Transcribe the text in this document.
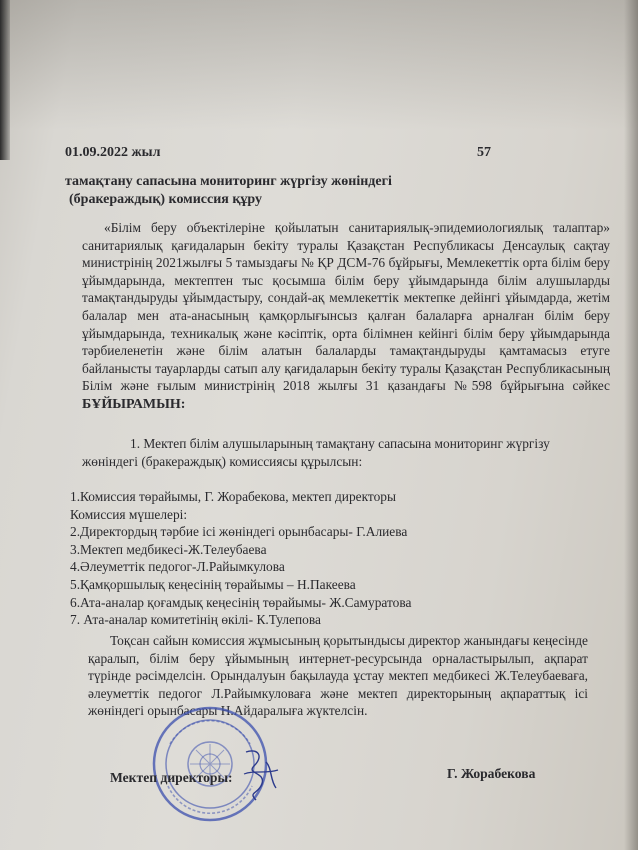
01.09.2022 жыл	57
тамақтану сапасына мониторинг жүргізу жөніндегі
(бракераждық) комиссия құру
«Білім беру объектілеріне қойылатын санитариялық-эпидемиологиялық талаптар» санитариялық қағидаларын бекіту туралы Қазақстан Республикасы Денсаулық сақтау министрінің 2021жылғы 5 тамыздағы № ҚР ДСМ-76 бұйрығы, Мемлекеттік орта білім беру ұйымдарында, мектептен тыс қосымша білім беру ұйымдарында білім алушыларды тамақтандыруды ұйымдастыру, сондай-ақ мемлекеттік мектепке дейінгі ұйымдарда, жетім балалар мен ата-анасының қамқорлығынсыз қалған балаларға арналған білім беру ұйымдарында, техникалық және кәсіптік, орта білімнен кейінгі білім беру ұйымдарында тәрбиеленетін және білім алатын балаларды тамақтандыруды қамтамасыз етуге байланысты тауарларды сатып алу қағидаларын бекіту туралы Қазақстан Республикасының Білім және ғылым министрінің 2018 жылғы 31 қазандағы №598 бұйрығына сәйкес БҰЙЫРАМЫН:
1. Мектеп білім алушыларының тамақтану сапасына мониторинг жүргізу жөніндегі (бракераждық) комиссиясы құрылсын:
1.Комиссия төрайымы, Г. Жорабекова, мектеп директоры
Комиссия мүшелері:
2.Директордың тәрбие ісі жөніндегі орынбасары- Г.Алиева
3.Мектеп медбикесі-Ж.Телеубаева
4.Әлеуметтік педогог-Л.Райымкулова
5.Қамқоршылық кеңесінің төрайымы – Н.Пакеева
6.Ата-аналар қоғамдық кеңесінің төрайымы- Ж.Самуратова
7. Ата-аналар комитетінің өкілі- К.Тулепова
Тоқсан сайын комиссия жұмысының қорытындысы директор жанындағы кеңесінде қаралып, білім беру ұйымының интернет-ресурсында орналастырылып, ақпарат түрінде рәсімделсін. Орындалуын бақылауда ұстау мектеп медбикесі Ж.Телеубаеваға, әлеуметтік педогог Л.Райымкуловаға және мектеп директорының ақпараттық ісі жөніндегі орынбасары Н.Айдаралыға жүктелсін.
Мектеп директоры:	Г. Жорабекова
